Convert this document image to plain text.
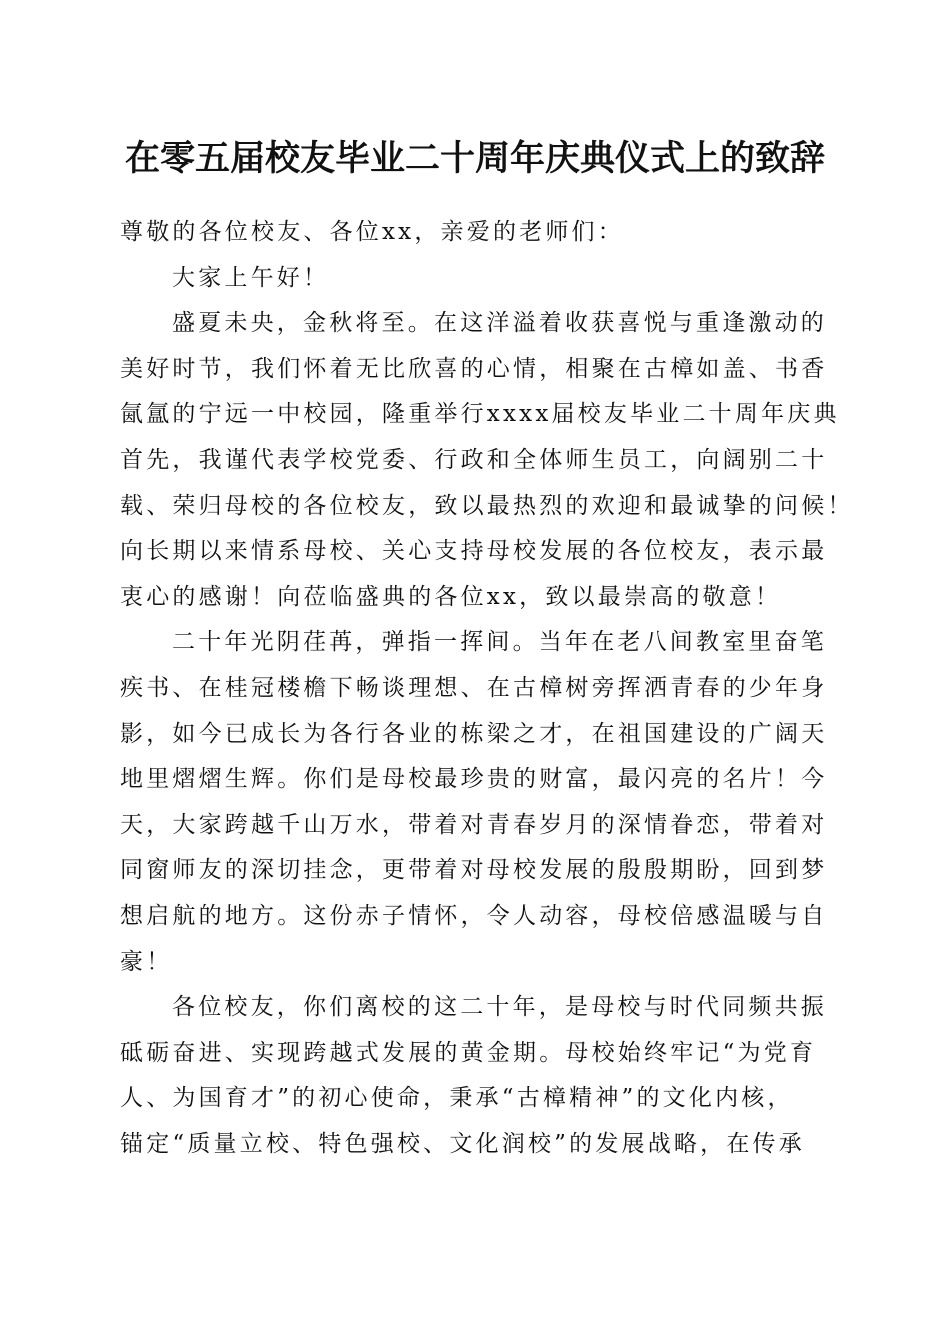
在零五届校友毕业二十周年庆典仪式上的致辞
尊敬的各位校友、各位xx，亲爱的老师们：
大家上午好！
盛夏未央，金秋将至。在这洋溢着收获喜悦与重逢激动的
美好时节，我们怀着无比欣喜的心情，相聚在古樟如盖、书香
氤氲的宁远一中校园，隆重举行xxxx届校友毕业二十周年庆典
首先，我谨代表学校党委、行政和全体师生员工，向阔别二十
载、荣归母校的各位校友，致以最热烈的欢迎和最诚挚的问候！
向长期以来情系母校、关心支持母校发展的各位校友，表示最
衷心的感谢！向莅临盛典的各位xx，致以最崇高的敬意！
二十年光阴荏苒，弹指一挥间。当年在老八间教室里奋笔
疾书、在桂冠楼檐下畅谈理想、在古樟树旁挥洒青春的少年身
影，如今已成长为各行各业的栋梁之才，在祖国建设的广阔天
地里熠熠生辉。你们是母校最珍贵的财富，最闪亮的名片！今
天，大家跨越千山万水，带着对青春岁月的深情眷恋，带着对
同窗师友的深切挂念，更带着对母校发展的殷殷期盼，回到梦
想启航的地方。这份赤子情怀，令人动容，母校倍感温暖与自
豪！
各位校友，你们离校的这二十年，是母校与时代同频共振
砥砺奋进、实现跨越式发展的黄金期。母校始终牢记“为党育
人、为国育才”的初心使命，秉承“古樟精神”的文化内核，
锚定“质量立校、特色强校、文化润校”的发展战略，在传承
